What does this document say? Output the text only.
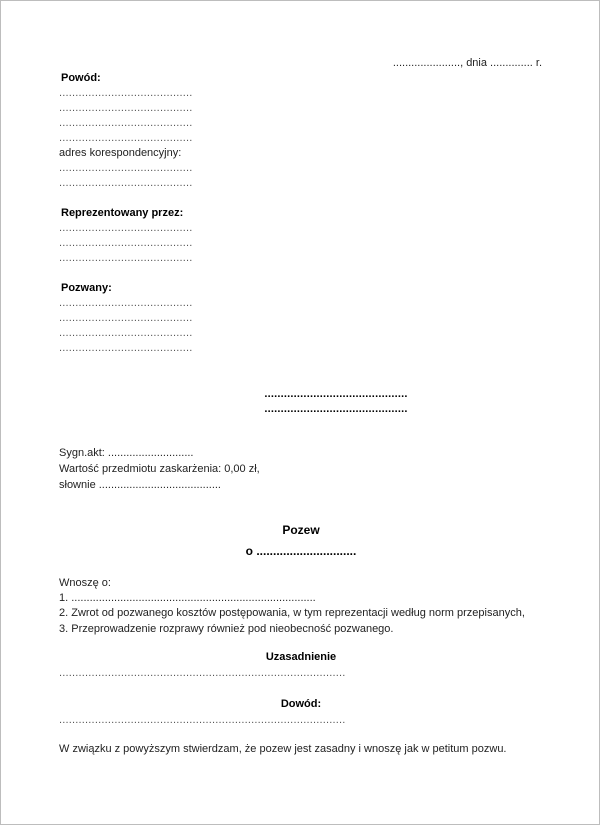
......................, dnia .............. r.
Powód:
.........................................
.........................................
.........................................
.........................................
adres korespondencyjny:
.........................................
.........................................
Reprezentowany przez:
.........................................
.........................................
.........................................
Pozwany:
.........................................
.........................................
.........................................
.........................................
............................................
............................................
Sygn.akt: ............................
Wartość przedmiotu zaskarżenia: 0,00 zł,
słownie ........................................
Pozew
o ..............................
Wnoszę o:
1. ................................................................................
2. Zwrot od pozwanego kosztów postępowania, w tym reprezentacji według norm przepisanych,
3. Przeprowadzenie rozprawy również pod nieobecność pozwanego.
Uzasadnienie
........................................................................................
Dowód:
........................................................................................
W związku z powyższym stwierdzam, że pozew jest zasadny i wnoszę jak w petitum pozwu.
